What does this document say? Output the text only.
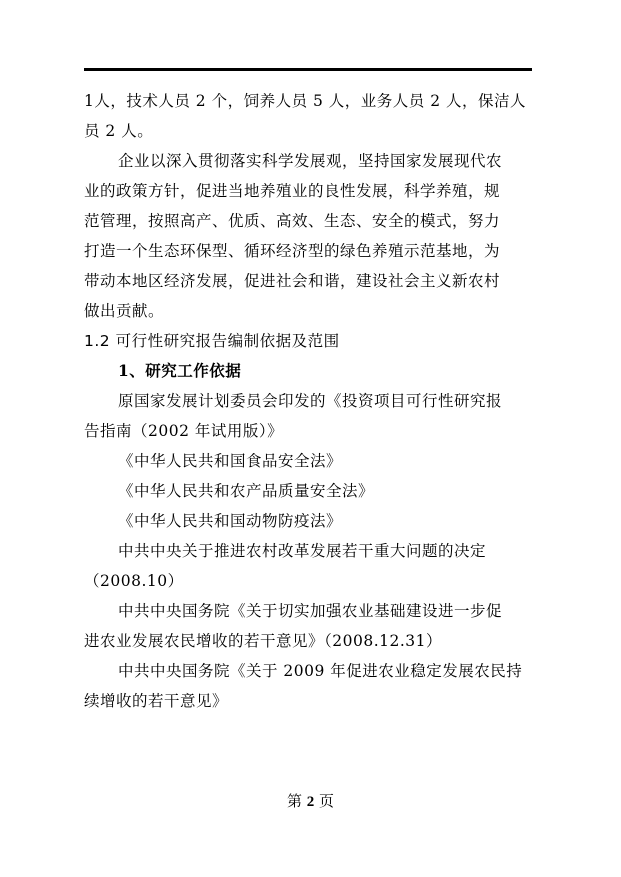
1人，技术人员 2 个，饲养人员 5 人，业务人员 2 人，保洁人
员 2 人。
企业以深入贯彻落实科学发展观，坚持国家发展现代农
业的政策方针，促进当地养殖业的良性发展，科学养殖，规
范管理，按照高产、优质、高效、生态、安全的模式，努力
打造一个生态环保型、循环经济型的绿色养殖示范基地，为
带动本地区经济发展，促进社会和谐，建设社会主义新农村
做出贡献。
1.2 可行性研究报告编制依据及范围
1、研究工作依据
原国家发展计划委员会印发的《投资项目可行性研究报
告指南（2002 年试用版）》
《中华人民共和国食品安全法》
《中华人民共和农产品质量安全法》
《中华人民共和国动物防疫法》
中共中央关于推进农村改革发展若干重大问题的决定
（2008.10）
中共中央国务院《关于切实加强农业基础建设进一步促
进农业发展农民增收的若干意见》（2008.12.31）
中共中央国务院《关于 2009 年促进农业稳定发展农民持
续增收的若干意见》
第 2 页
